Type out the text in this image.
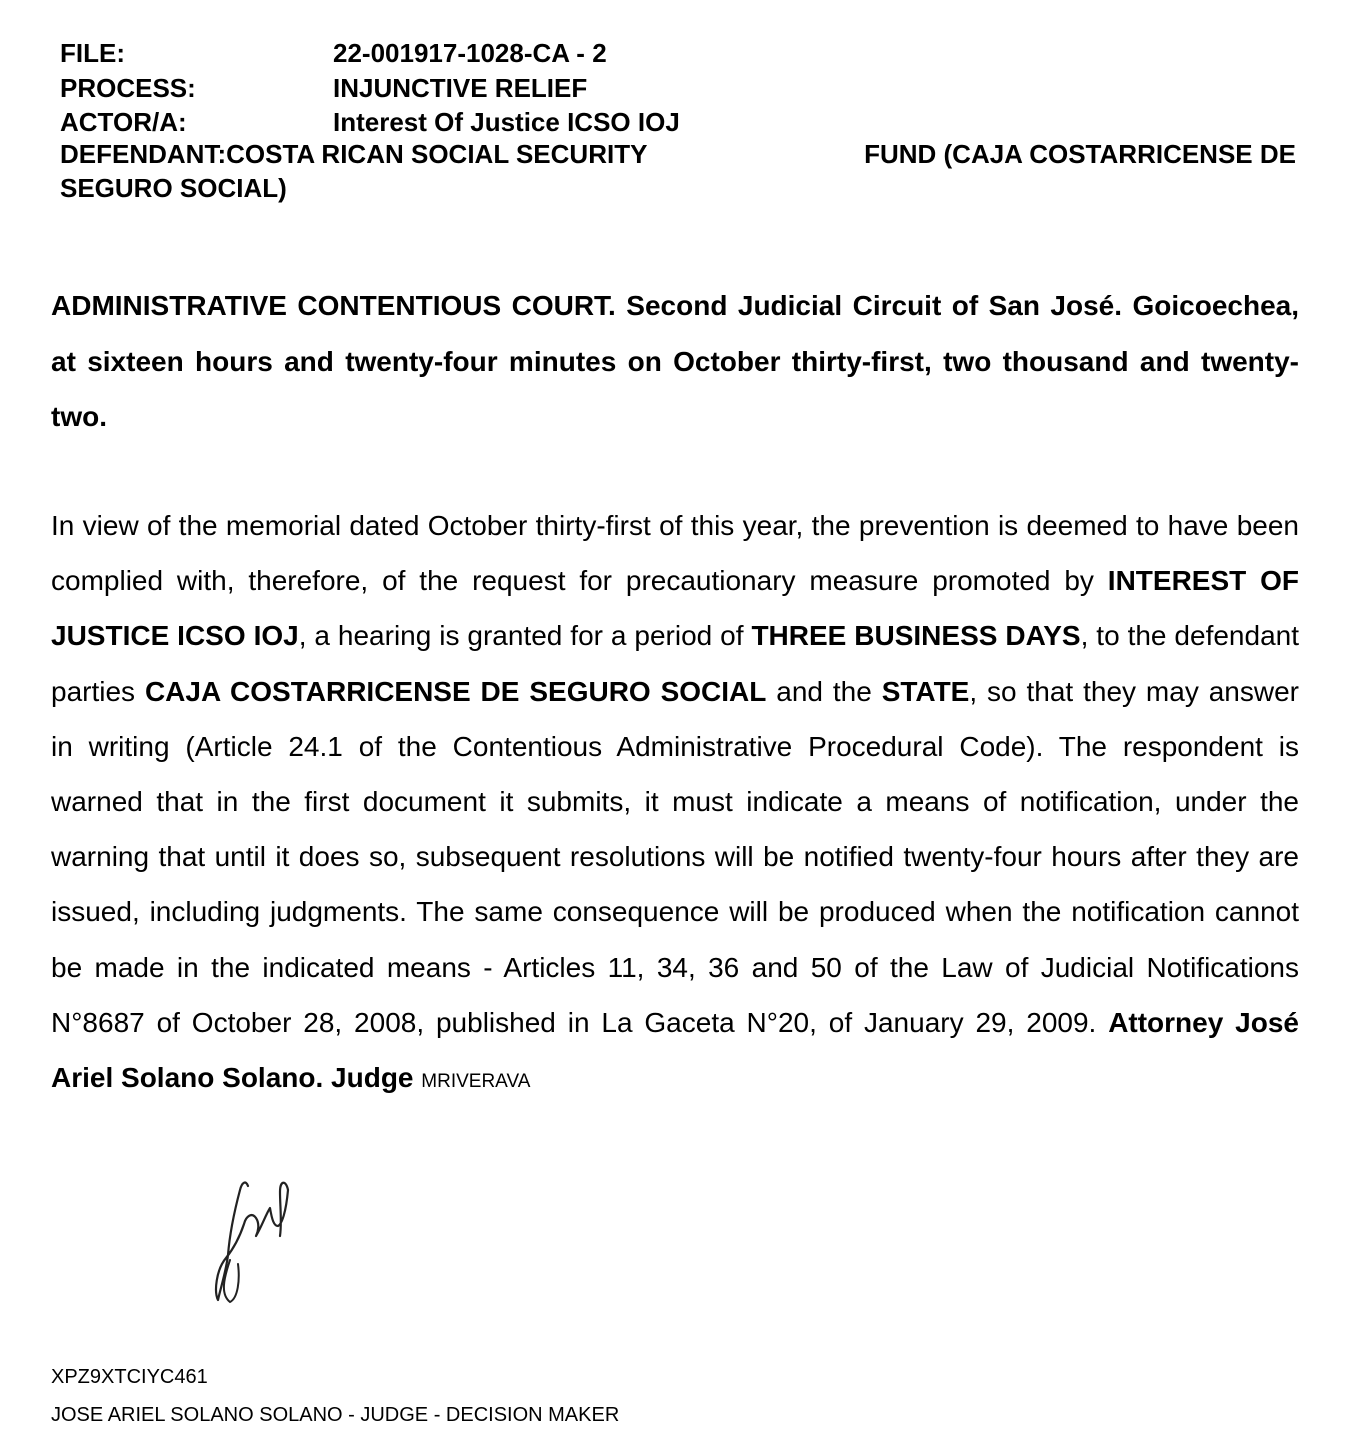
FILE:	22-001917-1028-CA - 2
PROCESS:	INJUNCTIVE RELIEF
ACTOR/A:	Interest Of Justice ICSO IOJ
DEFENDANT:COSTA RICAN SOCIAL SECURITY	FUND (CAJA COSTARRICENSE DE
SEGURO SOCIAL)

ADMINISTRATIVE CONTENTIOUS COURT. Second Judicial Circuit of San José. Goicoechea, at sixteen hours and twenty-four minutes on October thirty-first, two thousand and twenty-two.

In view of the memorial dated October thirty-first of this year, the prevention is deemed to have been complied with, therefore, of the request for precautionary measure promoted by INTEREST OF JUSTICE ICSO IOJ, a hearing is granted for a period of THREE BUSINESS DAYS, to the defendant parties CAJA COSTARRICENSE DE SEGURO SOCIAL and the STATE, so that they may answer in writing (Article 24.1 of the Contentious Administrative Procedural Code). The respondent is warned that in the first document it submits, it must indicate a means of notification, under the warning that until it does so, subsequent resolutions will be notified twenty-four hours after they are issued, including judgments. The same consequence will be produced when the notification cannot be made in the indicated means - Articles 11, 34, 36 and 50 of the Law of Judicial Notifications N°8687 of October 28, 2008, published in La Gaceta N°20, of January 29, 2009. Attorney José Ariel Solano Solano. Judge MRIVERAVA

XPZ9XTCIYC461
JOSE ARIEL SOLANO SOLANO - JUDGE - DECISION MAKER
